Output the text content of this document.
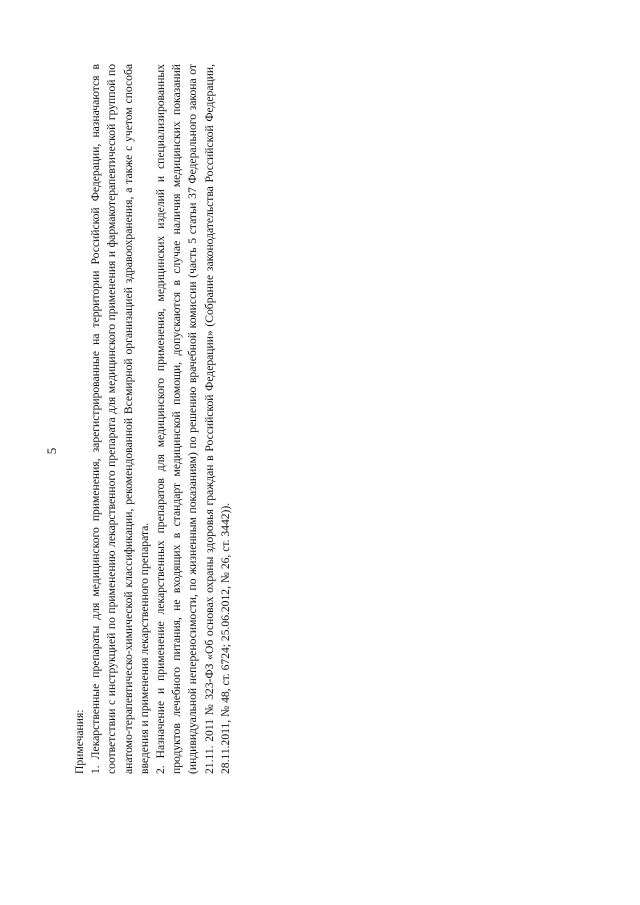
5

Примечания: 1. Лекарственные препараты для медицинского применения, зарегистрированные на территории Российской Федерации, назначаются в соответствии с инструкцией по применению лекарственного препарата для медицинского применения и фармакотерапевтической группой по анатомо-терапевтическо-химической классификации, рекомендованной Всемирной организацией здравоохранения, а также с учетом способа введения и применения лекарственного препарата. 2. Назначение и применение лекарственных препаратов для медицинского применения, медицинских изделий и специализированных продуктов лечебного питания, не входящих в стандарт медицинской помощи, допускаются в случае наличия медицинских показаний (индивидуальной непереносимости, по жизненным показаниям) по решению врачебной комиссии (часть 5 статьи 37 Федерального закона от 21.11. 2011 № 323-ФЗ «Об основах охраны здоровья граждан в Российской Федерации» (Собрание законодательства Российской Федерации, 28.11.2011, № 48, ст. 6724; 25.06.2012, № 26, ст. 3442)).
